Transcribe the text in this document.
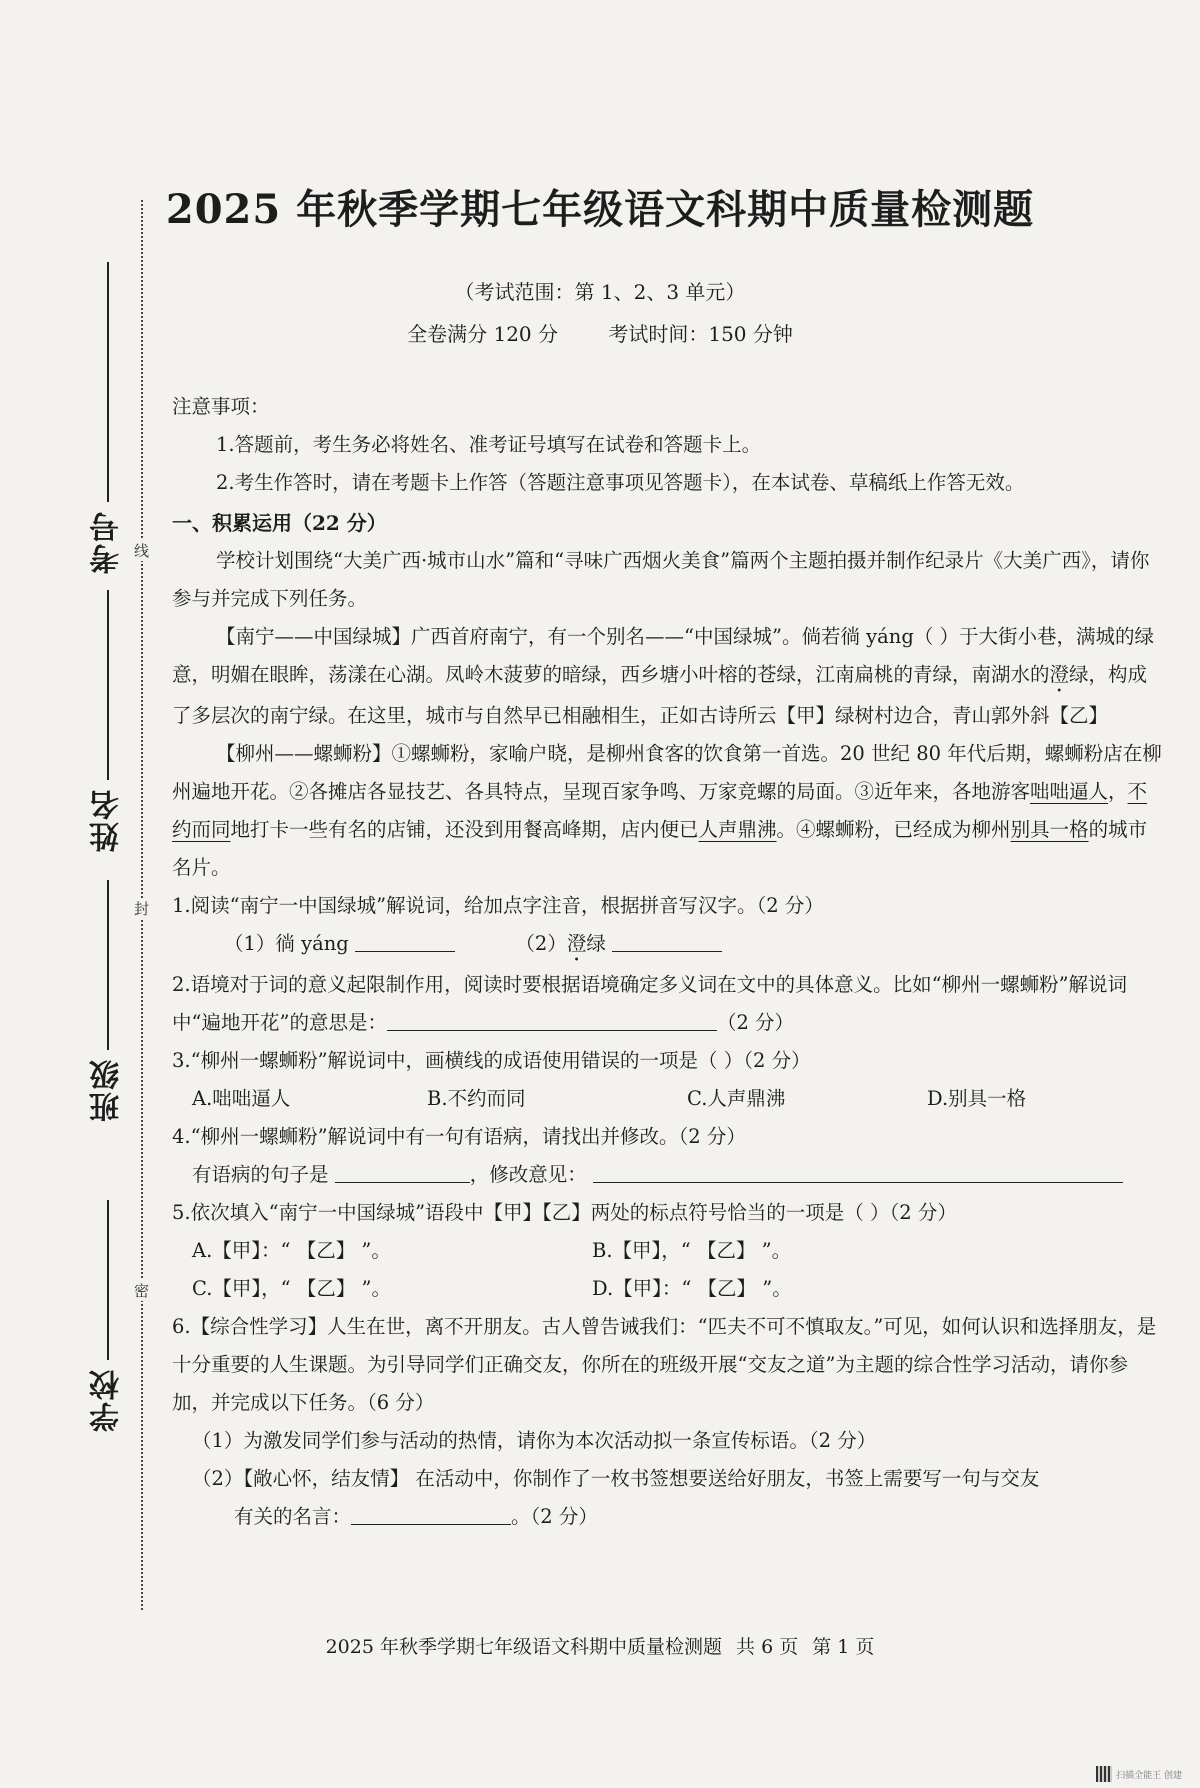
线
封
密
考号
姓名
班级
学校
2025 年秋季学期七年级语文科期中质量检测题
（考试范围：第 1、2、3 单元）
全卷满分 120 分	考试时间：150 分钟

注意事项：

1.答题前，考生务必将姓名、准考证号填写在试卷和答题卡上。

2.考生作答时，请在考题卡上作答（答题注意事项见答题卡），在本试卷、草稿纸上作答无效。

一、积累运用（22 分）

学校计划围绕“大美广西·城市山水”篇和“寻味广西烟火美食”篇两个主题拍摄并制作纪录片《大美广西》，请你参与并完成下列任务。

【南宁——中国绿城】广西首府南宁，有一个别名——“中国绿城”。倘若徜 yáng（ ）于大街小巷，满城的绿意，明媚在眼眸，荡漾在心湖。凤岭木菠萝的暗绿，西乡塘小叶榕的苍绿，江南扁桃的青绿，南湖水的澄绿，构成了多层次的南宁绿。在这里，城市与自然早已相融相生，正如古诗所云【甲】绿树村边合，青山郭外斜【乙】

【柳州——螺蛳粉】①螺蛳粉，家喻户晓，是柳州食客的饮食第一首选。20 世纪 80 年代后期，螺蛳粉店在柳州遍地开花。②各摊店各显技艺、各具特点，呈现百家争鸣、万家竞螺的局面。③近年来，各地游客咄咄逼人，不约而同地打卡一些有名的店铺，还没到用餐高峰期，店内便已人声鼎沸。④螺蛳粉，已经成为柳州别具一格的城市名片。

1.阅读“南宁一中国绿城”解说词，给加点字注音，根据拼音写汉字。（2 分）

（1）徜 yáng	（2）澄绿

2.语境对于词的意义起限制作用，阅读时要根据语境确定多义词在文中的具体意义。比如“柳州一螺蛳粉”解说词中“遍地开花”的意思是：	（2 分）

3.“柳州一螺蛳粉”解说词中，画横线的成语使用错误的一项是（ ）（2 分）

A.咄咄逼人	B.不约而同	C.人声鼎沸	D.别具一格

4.“柳州一螺蛳粉”解说词中有一句有语病，请找出并修改。（2 分）

有语病的句子是	，修改意见：

5.依次填入“南宁一中国绿城”语段中【甲】【乙】两处的标点符号恰当的一项是（ ）（2 分）

A.【甲】：“ 【乙】 ”。	B.【甲】，“ 【乙】 ”。

C.【甲】，“ 【乙】 ”。	D.【甲】：“ 【乙】 ”。

6.【综合性学习】人生在世，离不开朋友。古人曾告诫我们：“匹夫不可不慎取友。”可见，如何认识和选择朋友，是十分重要的人生课题。为引导同学们正确交友，你所在的班级开展“交友之道”为主题的综合性学习活动，请你参加，并完成以下任务。（6 分）

（1）为激发同学们参与活动的热情，请你为本次活动拟一条宣传标语。（2 分）

（2）【敞心怀，结友情】 在活动中，你制作了一枚书签想要送给好朋友，书签上需要写一句与交友

有关的名言：	。（2 分）

2025 年秋季学期七年级语文科期中质量检测题 共 6 页 第 1 页
扫描全能王 创建
